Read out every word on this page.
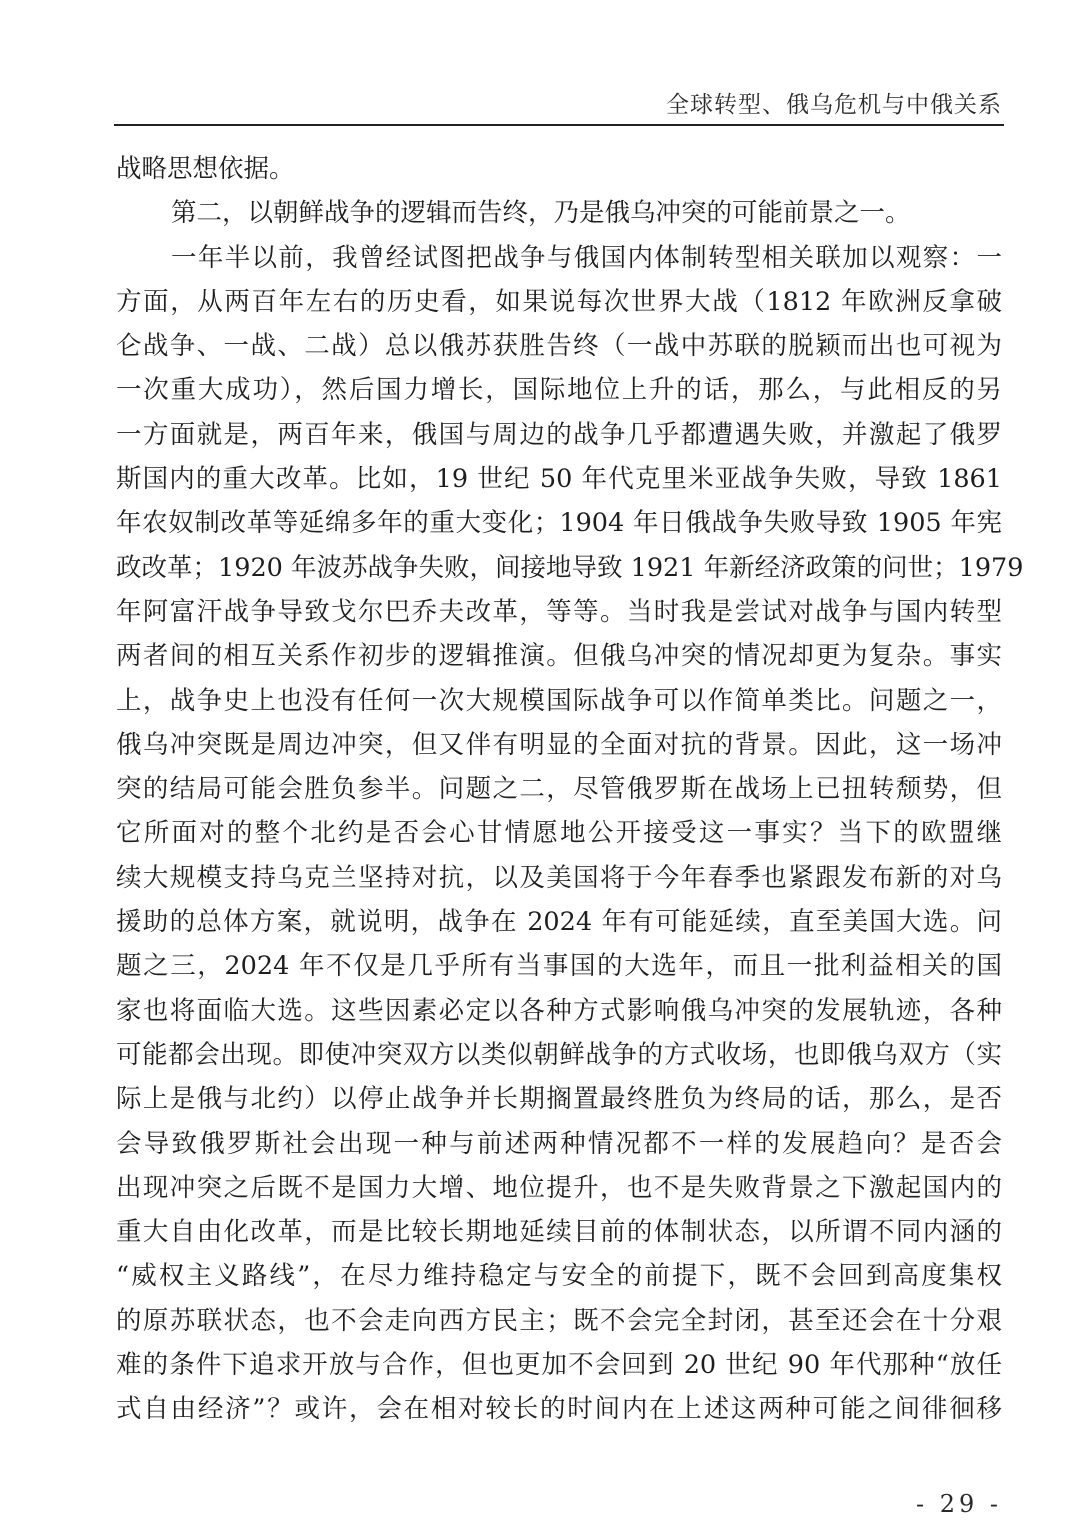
全球转型、俄乌危机与中俄关系
战略思想依据。
第二，以朝鲜战争的逻辑而告终，乃是俄乌冲突的可能前景之一。
一年半以前，我曾经试图把战争与俄国内体制转型相关联加以观察：一
方面，从两百年左右的历史看，如果说每次世界大战（1812 年欧洲反拿破
仑战争、一战、二战）总以俄苏获胜告终（一战中苏联的脱颖而出也可视为
一次重大成功），然后国力增长，国际地位上升的话，那么，与此相反的另
一方面就是，两百年来，俄国与周边的战争几乎都遭遇失败，并激起了俄罗
斯国内的重大改革。比如，19 世纪 50 年代克里米亚战争失败，导致 1861
年农奴制改革等延绵多年的重大变化；1904 年日俄战争失败导致 1905 年宪
政改革；1920 年波苏战争失败，间接地导致 1921 年新经济政策的问世；1979
年阿富汗战争导致戈尔巴乔夫改革，等等。当时我是尝试对战争与国内转型
两者间的相互关系作初步的逻辑推演。但俄乌冲突的情况却更为复杂。事实
上，战争史上也没有任何一次大规模国际战争可以作简单类比。问题之一，
俄乌冲突既是周边冲突，但又伴有明显的全面对抗的背景。因此，这一场冲
突的结局可能会胜负参半。问题之二，尽管俄罗斯在战场上已扭转颓势，但
它所面对的整个北约是否会心甘情愿地公开接受这一事实？当下的欧盟继
续大规模支持乌克兰坚持对抗，以及美国将于今年春季也紧跟发布新的对乌
援助的总体方案，就说明，战争在 2024 年有可能延续，直至美国大选。问
题之三，2024 年不仅是几乎所有当事国的大选年，而且一批利益相关的国
家也将面临大选。这些因素必定以各种方式影响俄乌冲突的发展轨迹，各种
可能都会出现。即使冲突双方以类似朝鲜战争的方式收场，也即俄乌双方（实
际上是俄与北约）以停止战争并长期搁置最终胜负为终局的话，那么，是否
会导致俄罗斯社会出现一种与前述两种情况都不一样的发展趋向？是否会
出现冲突之后既不是国力大增、地位提升，也不是失败背景之下激起国内的
重大自由化改革，而是比较长期地延续目前的体制状态，以所谓不同内涵的
“威权主义路线”，在尽力维持稳定与安全的前提下，既不会回到高度集权
的原苏联状态，也不会走向西方民主；既不会完全封闭，甚至还会在十分艰
难的条件下追求开放与合作，但也更加不会回到 20 世纪 90 年代那种“放任
式自由经济”？或许，会在相对较长的时间内在上述这两种可能之间徘徊移
- 29 -
